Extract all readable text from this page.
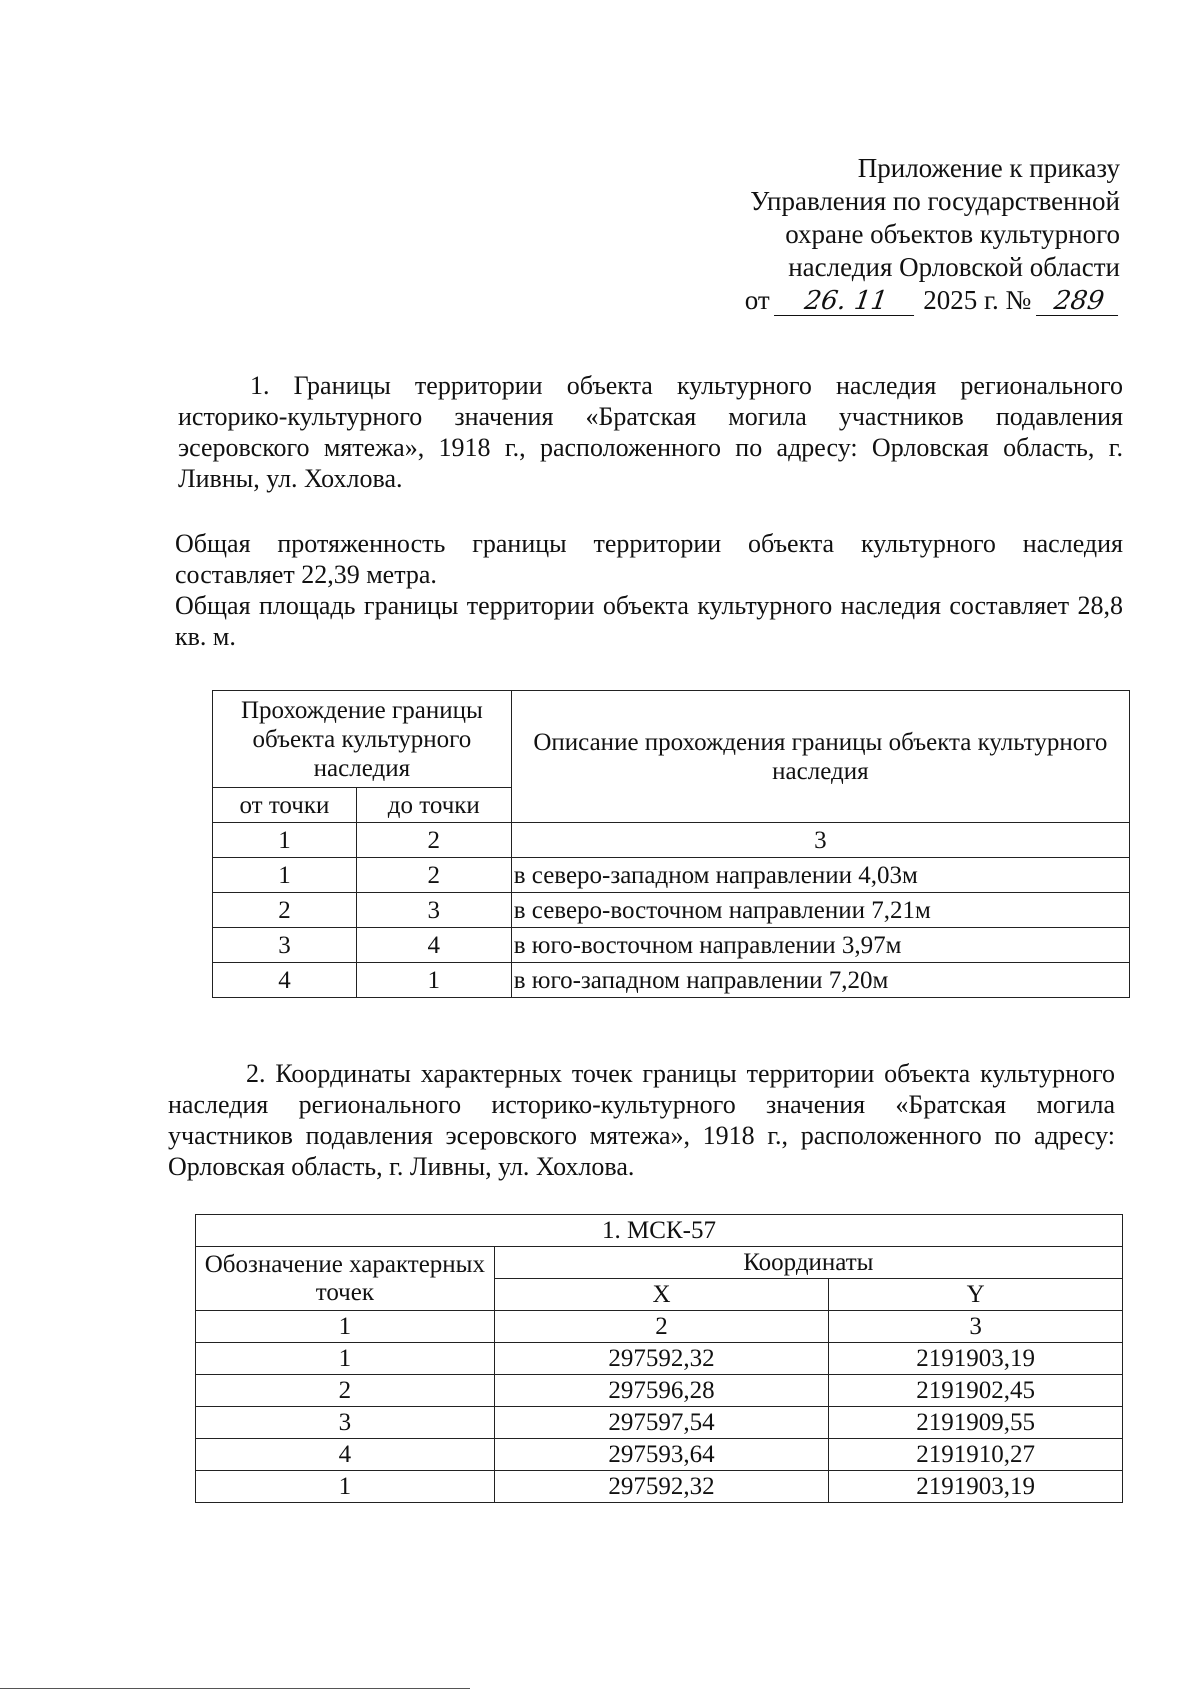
Приложение к приказу
Управления по государственной
охране объектов культурного
наследия Орловской области
от 26. 11 2025 г. № 289
1. Границы территории объекта культурного наследия регионального историко-культурного значения «Братская могила участников подавления эсеровского мятежа», 1918 г., расположенного по адресу: Орловская область, г. Ливны, ул. Хохлова.
Общая протяженность границы территории объекта культурного наследия составляет 22,39 метра.
Общая площадь границы территории объекта культурного наследия составляет 28,8 кв. м.
Прохождение границы объекта культурного наследия		Описание прохождения границы объекта культурного наследия
от точки	до точки	
1	2	3
1	2	в северо-западном направлении 4,03м
2	3	в северо-восточном направлении 7,21м
3	4	в юго-восточном направлении 3,97м
4	1	в юго-западном направлении 7,20м
2. Координаты характерных точек границы территории объекта культурного наследия регионального историко-культурного значения «Братская могила участников подавления эсеровского мятежа», 1918 г., расположенного по адресу: Орловская область, г. Ливны, ул. Хохлова.
1. МСК-57		
Обозначение характерных точек	Координаты	
	X	Y
1	2	3
1	297592,32	2191903,19
2	297596,28	2191902,45
3	297597,54	2191909,55
4	297593,64	2191910,27
1	297592,32	2191903,19
